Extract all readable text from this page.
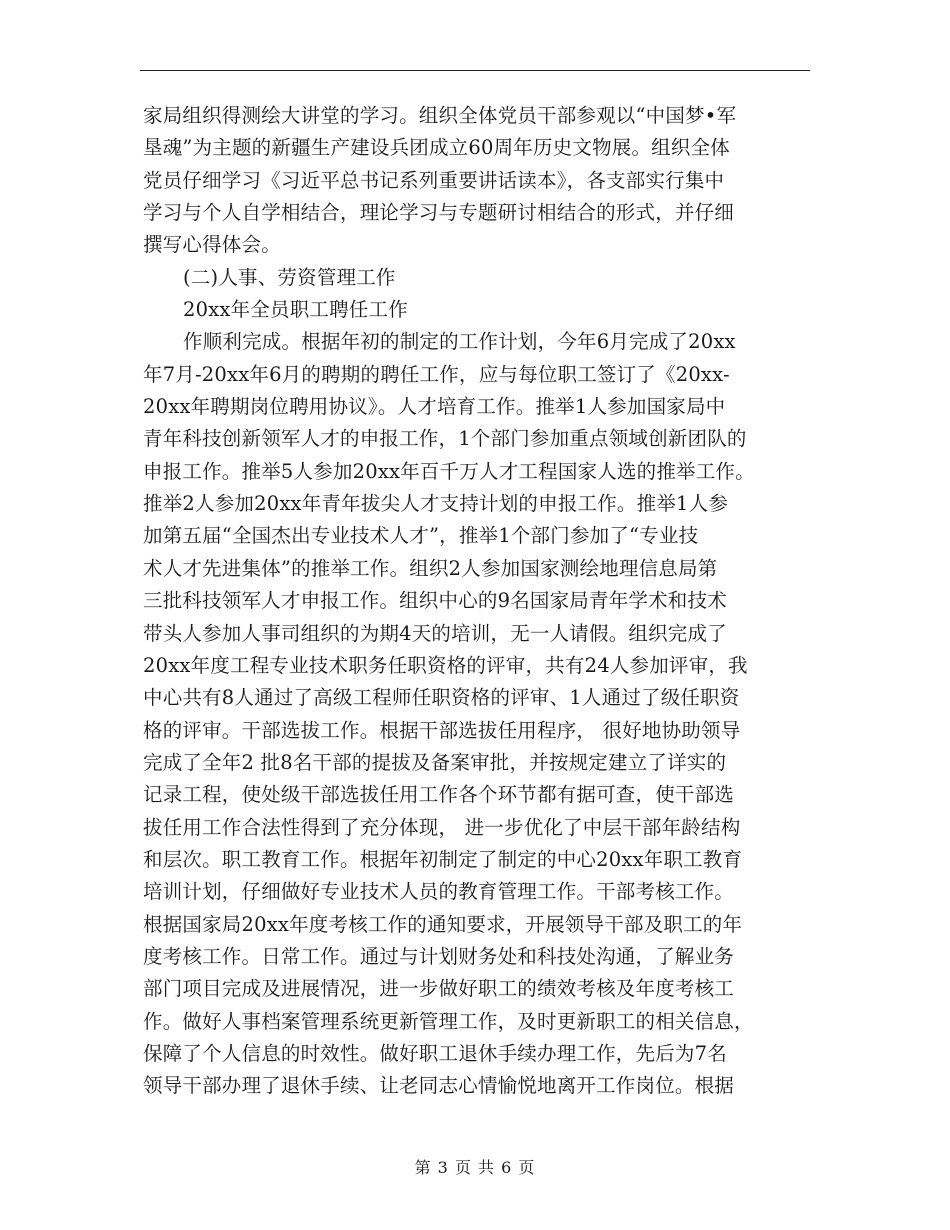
家局组织得测绘大讲堂的学习。组织全体党员干部参观以“中国梦•军
垦魂”为主题的新疆生产建设兵团成立60周年历史文物展。组织全体
党员仔细学习《习近平总书记系列重要讲话读本》，各支部实行集中
学习与个人自学相结合，理论学习与专题研讨相结合的形式，并仔细
撰写心得体会。
(二)人事、劳资管理工作
20xx年全员职工聘任工作
作顺利完成。根据年初的制定的工作计划，今年6月完成了20xx
年7月-20xx年6月的聘期的聘任工作，应与每位职工签订了《20xx-
20xx年聘期岗位聘用协议》。人才培育工作。推举1人参加国家局中
青年科技创新领军人才的申报工作，1个部门参加重点领域创新团队的
申报工作。推举5人参加20xx年百千万人才工程国家人选的推举工作。
推举2人参加20xx年青年拔尖人才支持计划的申报工作。推举1人参
加第五届“全国杰出专业技术人才”，推举1个部门参加了“专业技
术人才先进集体”的推举工作。组织2人参加国家测绘地理信息局第
三批科技领军人才申报工作。组织中心的9名国家局青年学术和技术
带头人参加人事司组织的为期4天的培训，无一人请假。组织完成了
20xx年度工程专业技术职务任职资格的评审，共有24人参加评审，我
中心共有8人通过了高级工程师任职资格的评审、1人通过了级任职资
格的评审。干部选拔工作。根据干部选拔任用程序， 很好地协助领导
完成了全年2 批8名干部的提拔及备案审批，并按规定建立了详实的
记录工程，使处级干部选拔任用工作各个环节都有据可查，使干部选
拔任用工作合法性得到了充分体现， 进一步优化了中层干部年龄结构
和层次。职工教育工作。根据年初制定了制定的中心20xx年职工教育
培训计划，仔细做好专业技术人员的教育管理工作。干部考核工作。
根据国家局20xx年度考核工作的通知要求，开展领导干部及职工的年
度考核工作。日常工作。通过与计划财务处和科技处沟通，了解业务
部门项目完成及进展情况，进一步做好职工的绩效考核及年度考核工
作。做好人事档案管理系统更新管理工作，及时更新职工的相关信息，
保障了个人信息的时效性。做好职工退休手续办理工作，先后为7名
领导干部办理了退休手续、让老同志心情愉悦地离开工作岗位。根据
第 3 页 共 6 页
